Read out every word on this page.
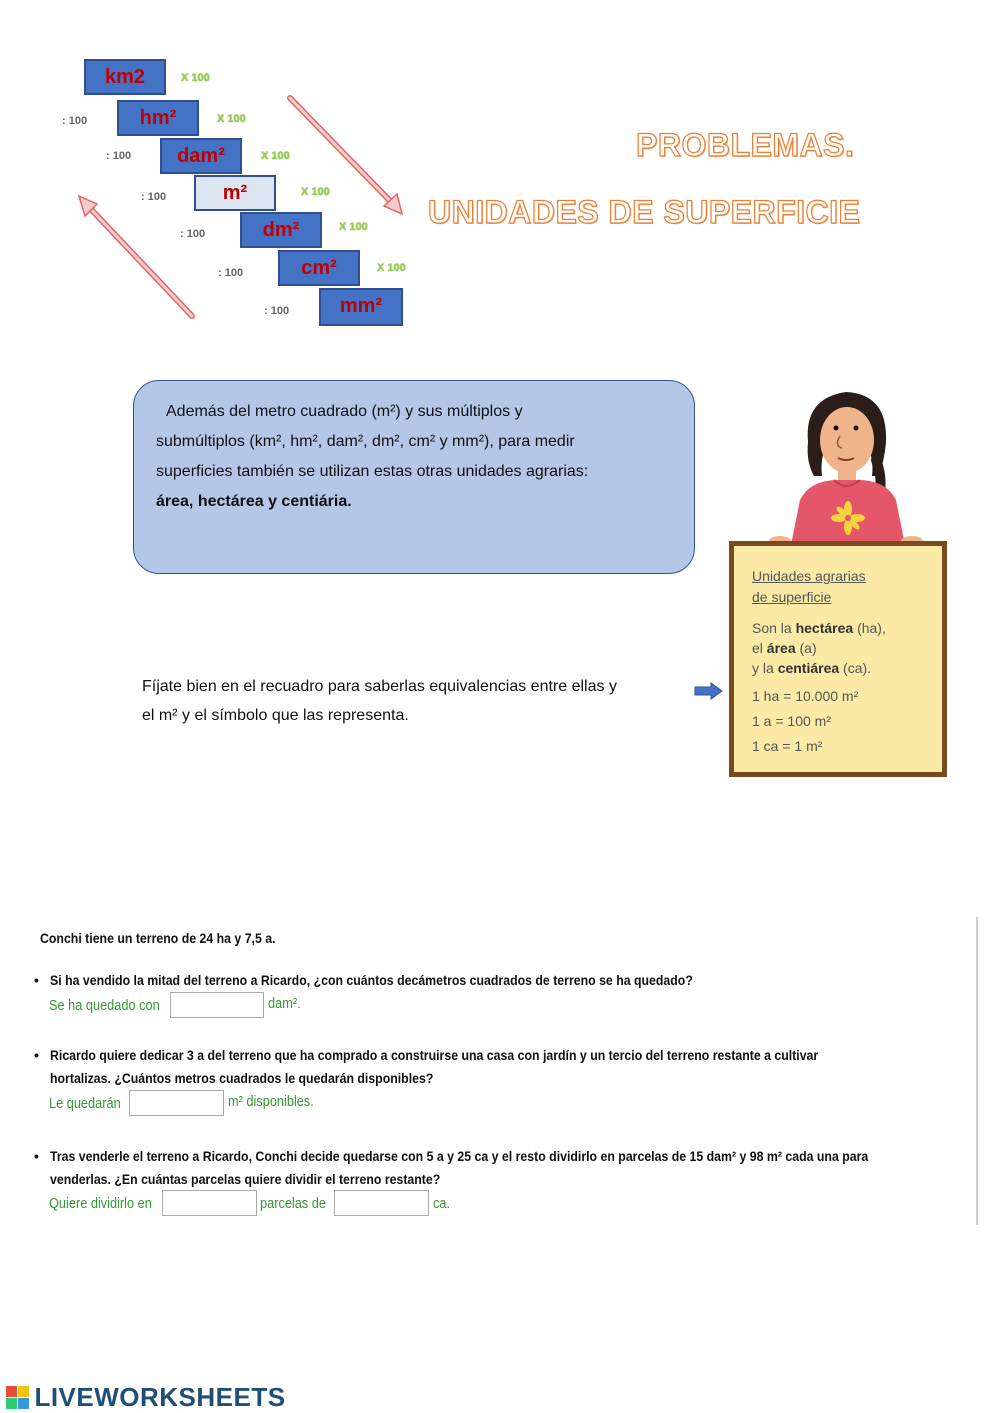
km2
hm²
dam²
m²
dm²
cm²
mm²
X 100
X 100
X 100
X 100
X 100
X 100
: 100
: 100
: 100
: 100
: 100
: 100
PROBLEMAS.
UNIDADES DE SUPERFICIE
Además del metro cuadrado (m²) y sus múltiplos y
submúltiplos (km², hm², dam², dm², cm² y mm²), para medir
superficies también se utilizan estas otras unidades agrarias:
área, hectárea y centiária.
Unidades agrarias
de superficie
Son la hectárea (ha),
el área (a)
y la centiárea (ca).
1 ha = 10.000 m²
1 a = 100 m²
1 ca = 1 m²
Fíjate bien en el recuadro para saberlas equivalencias entre ellas y
el m² y el símbolo que las representa.
Conchi tiene un terreno de 24 ha y 7,5 a.
• Si ha vendido la mitad del terreno a Ricardo, ¿con cuántos decámetros cuadrados de terreno se ha quedado?
Se ha quedado con	dam².
• Ricardo quiere dedicar 3 a del terreno que ha comprado a construirse una casa con jardín y un tercio del terreno restante a cultivar
hortalizas. ¿Cuántos metros cuadrados le quedarán disponibles?
Le quedarán	m² disponibles.
• Tras venderle el terreno a Ricardo, Conchi decide quedarse con 5 a y 25 ca y el resto dividirlo en parcelas de 15 dam² y 98 m² cada una para
venderlas. ¿En cuántas parcelas quiere dividir el terreno restante?
Quiere dividirlo en	parcelas de	ca.
LIVEWORKSHEETS
